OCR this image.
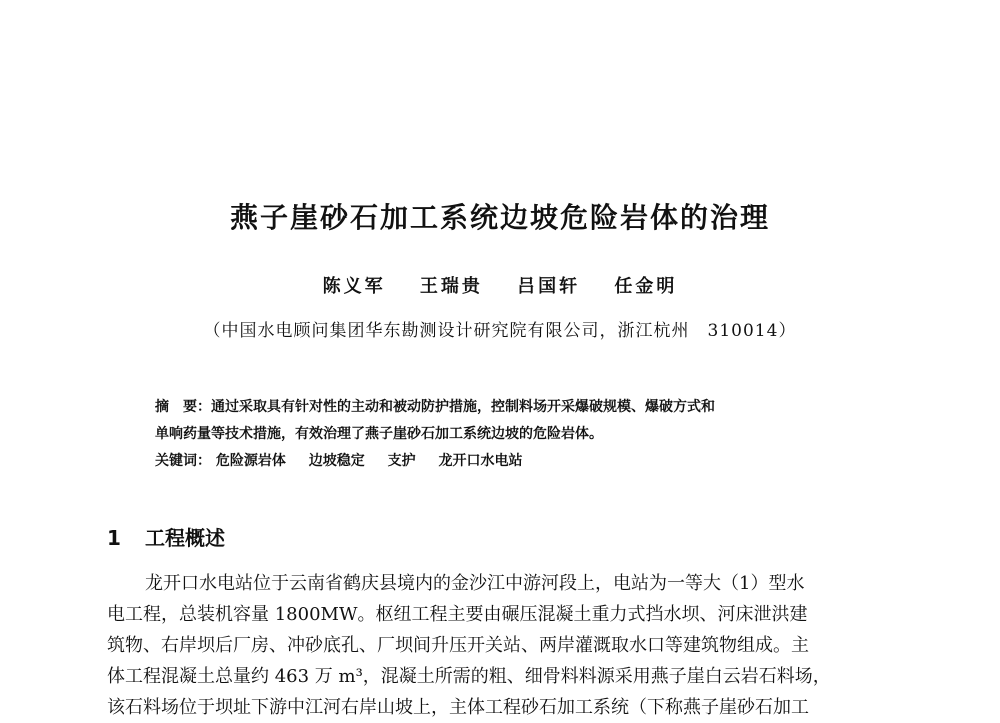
燕子崖砂石加工系统边坡危险岩体的治理
陈义军 王瑞贵 吕国轩 任金明
（中国水电顾问集团华东勘测设计研究院有限公司，浙江杭州　310014）

摘　要：通过采取具有针对性的主动和被动防护措施，控制料场开采爆破规模、爆破方式和

单响药量等技术措施，有效治理了燕子崖砂石加工系统边坡的危险岩体。

关键词： 危险源岩体 边坡稳定 支护 龙开口水电站

1 工程概述
龙开口水电站位于云南省鹤庆县境内的金沙江中游河段上，电站为一等大（1）型水
电工程，总装机容量 1800MW。枢纽工程主要由碾压混凝土重力式挡水坝、河床泄洪建
筑物、右岸坝后厂房、冲砂底孔、厂坝间升压开关站、两岸灌溉取水口等建筑物组成。主
体工程混凝土总量约 463 万 m³，混凝土所需的粗、细骨料料源采用燕子崖白云岩石料场，
该石料场位于坝址下游中江河右岸山坡上，主体工程砂石加工系统（下称燕子崖砂石加工
